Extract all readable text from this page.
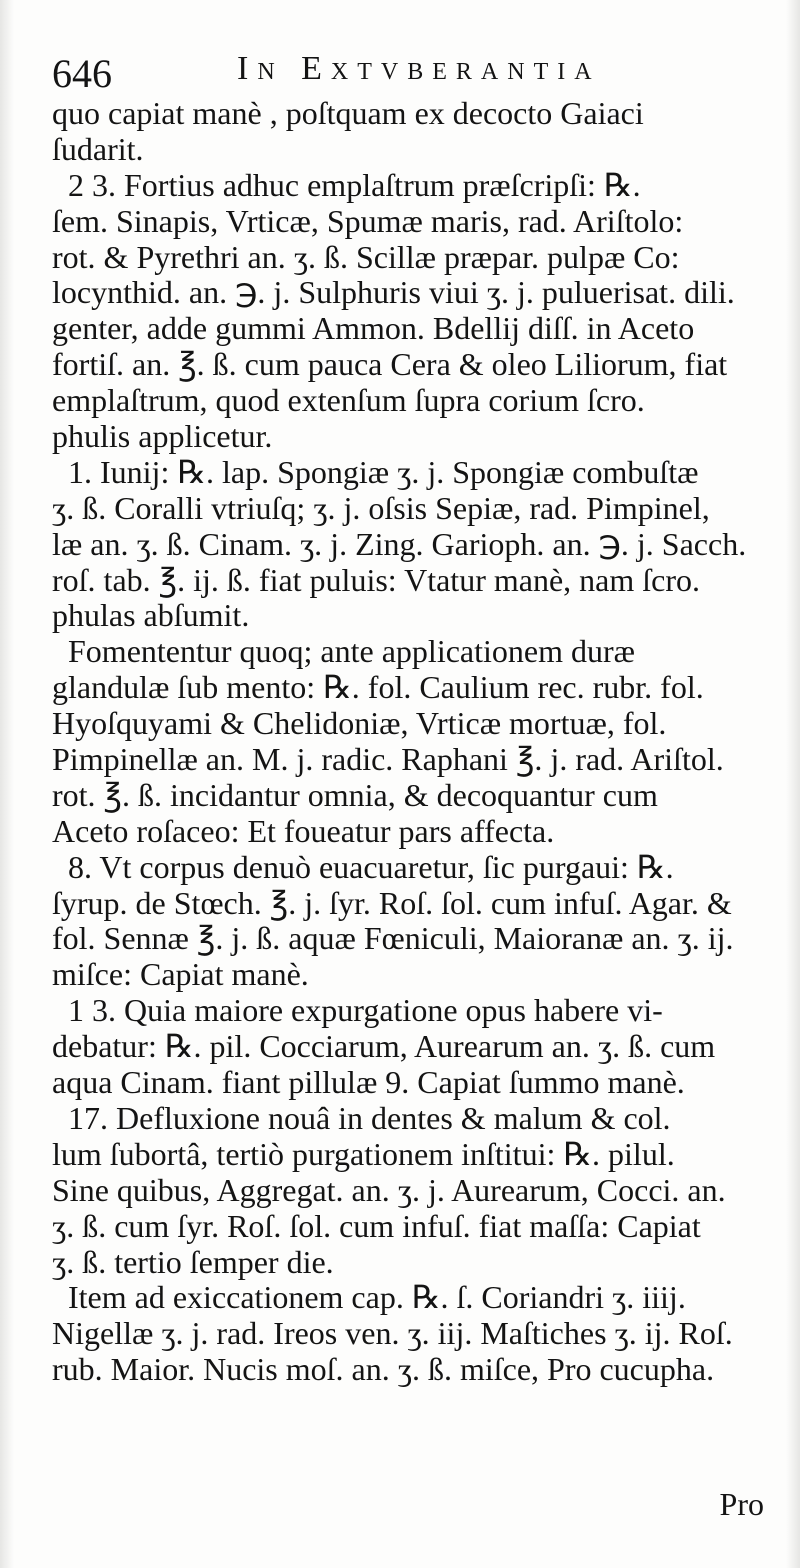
646	In Extvberantia
quo capiat manè , poſtquam ex decocto Gaiaci
ſudarit.
2 3. Fortius adhuc emplaſtrum præſcripſi: ℞.
ſem. Sinapis, Vrticæ, Spumæ maris, rad. Ariſtolo:
rot. & Pyrethri an. ʒ. ß. Scillæ præpar. pulpæ Co:
locynthid. an. ℈. j. Sulphuris viui ʒ. j. puluerisat. dili.
genter, adde gummi Ammon. Bdellij diſſ. in Aceto
fortiſ. an. ℥. ß. cum pauca Cera & oleo Liliorum, fiat
emplaſtrum, quod extenſum ſupra corium ſcro.
phulis applicetur.
1. Iunij: ℞. lap. Spongiæ ʒ. j. Spongiæ combuſtæ
ʒ. ß. Coralli vtriuſq; ʒ. j. oſsis Sepiæ, rad. Pimpinel,
læ an. ʒ. ß. Cinam. ʒ. j. Zing. Garioph. an. ℈. j. Sacch.
roſ. tab. ℥. ij. ß. fiat puluis: Vtatur manè, nam ſcro.
phulas abſumit.
Fomententur quoq; ante applicationem duræ
glandulæ ſub mento: ℞. fol. Caulium rec. rubr. fol.
Hyoſquyami & Chelidoniæ, Vrticæ mortuæ, fol.
Pimpinellæ an. M. j. radic. Raphani ℥. j. rad. Ariſtol.
rot. ℥. ß. incidantur omnia, & decoquantur cum
Aceto roſaceo: Et foueatur pars affecta.
8. Vt corpus denuò euacuaretur, ſic purgaui: ℞.
ſyrup. de Stœch. ℥. j. ſyr. Roſ. ſol. cum infuſ. Agar. &
fol. Sennæ ℥. j. ß. aquæ Fœniculi, Maioranæ an. ʒ. ij.
miſce: Capiat manè.
1 3. Quia maiore expurgatione opus habere vi-
debatur: ℞. pil. Cocciarum, Aurearum an. ʒ. ß. cum
aqua Cinam. fiant pillulæ 9. Capiat ſummo manè.
17. Defluxione nouâ in dentes & malum & col.
lum ſubortâ, tertiò purgationem inſtitui: ℞. pilul.
Sine quibus, Aggregat. an. ʒ. j. Aurearum, Cocci. an.
ʒ. ß. cum ſyr. Roſ. ſol. cum infuſ. fiat maſſa: Capiat
ʒ. ß. tertio ſemper die.
Item ad exiccationem cap. ℞. ſ. Coriandri ʒ. iiij.
Nigellæ ʒ. j. rad. Ireos ven. ʒ. iij. Maſtiches ʒ. ij. Roſ.
rub. Maior. Nucis moſ. an. ʒ. ß. miſce, Pro cucupha.
Pro
